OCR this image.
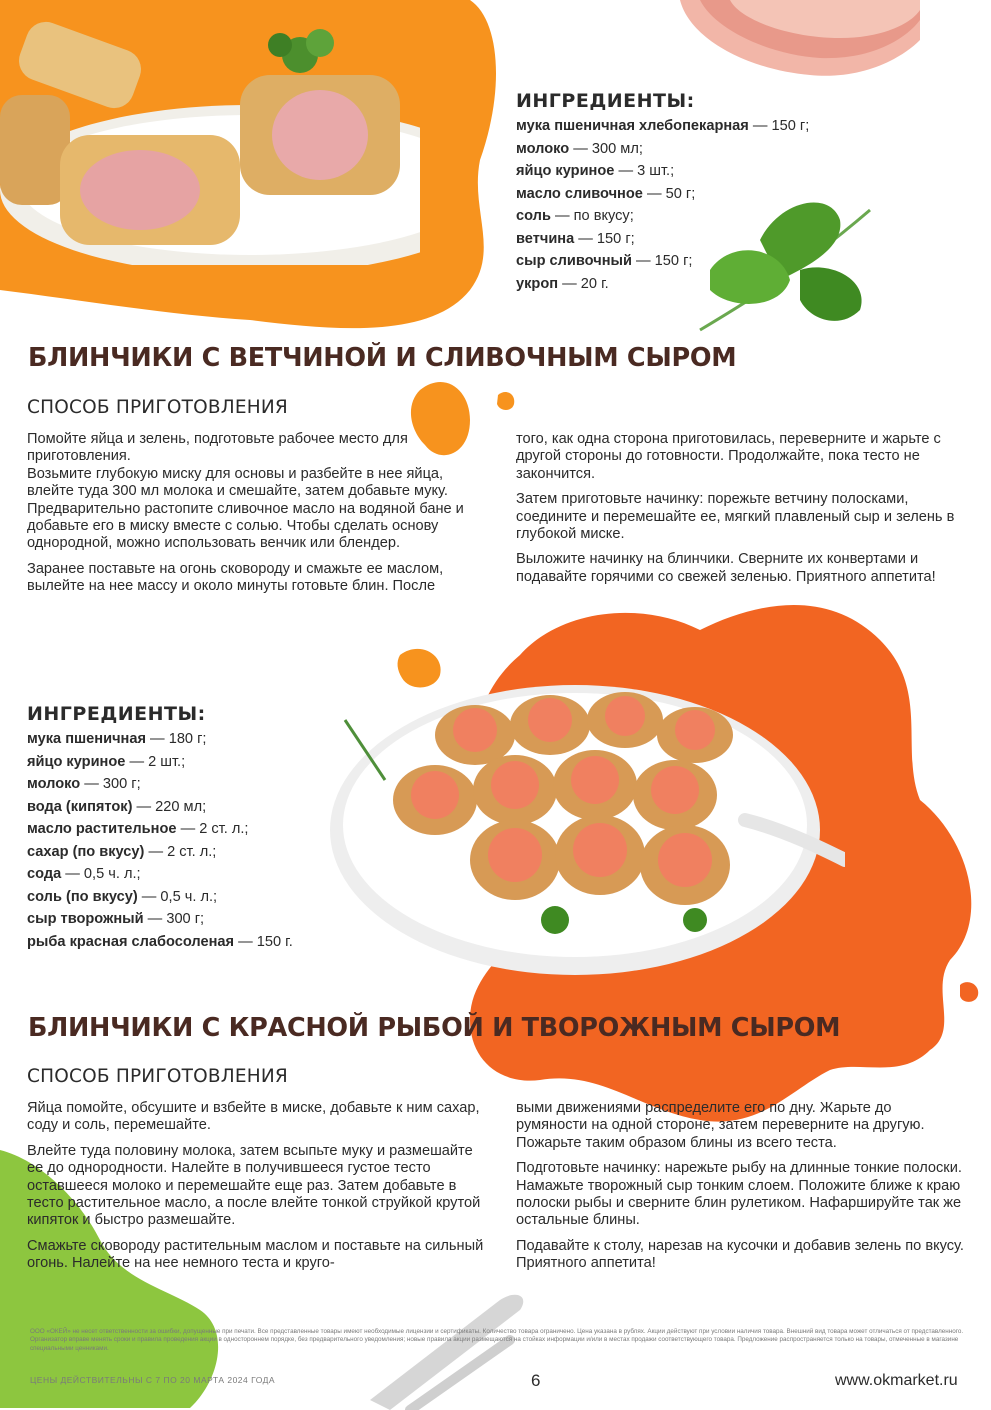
ИНГРЕДИЕНТЫ:
мука пшеничная хлебопекарная — 150 г;
молоко — 300 мл;
яйцо куриное — 3 шт.;
масло сливочное — 50 г;
соль — по вкусу;
ветчина — 150 г;
сыр сливочный — 150 г;
укроп — 20 г.
БЛИНЧИКИ С ВЕТЧИНОЙ И СЛИВОЧНЫМ СЫРОМ
СПОСОБ ПРИГОТОВЛЕНИЯ

Помойте яйца и зелень, подготовьте рабочее место для приготовления.
Возьмите глубокую миску для основы и разбейте в нее яйца, влейте туда 300 мл молока и смешайте, затем добавьте муку. Предварительно растопите сливочное масло на водяной бане и добавьте его в миску вместе с солью. Чтобы сделать основу однородной, можно использовать венчик или блендер.

Заранее поставьте на огонь сковороду и смажьте ее маслом, вылейте на нее массу и около минуты готовьте блин. После

того, как одна сторона приготовилась, переверните и жарьте с другой стороны до готовности. Продолжайте, пока тесто не закончится.

Затем приготовьте начинку: порежьте ветчину полосками, соедините и перемешайте ее, мягкий плавленый сыр и зелень в глубокой миске.

Выложите начинку на блинчики. Сверните их конвертами и подавайте горячими со свежей зеленью. Приятного аппетита!

ИНГРЕДИЕНТЫ:
мука пшеничная — 180 г;
яйцо куриное — 2 шт.;
молоко — 300 г;
вода (кипяток) — 220 мл;
масло растительное — 2 ст. л.;
сахар (по вкусу) — 2 ст. л.;
сода — 0,5 ч. л.;
соль (по вкусу) — 0,5 ч. л.;
сыр творожный — 300 г;
рыба красная слабосоленая — 150 г.
БЛИНЧИКИ С КРАСНОЙ РЫБОЙ И ТВОРОЖНЫМ СЫРОМ
СПОСОБ ПРИГОТОВЛЕНИЯ

Яйца помойте, обсушите и взбейте в миске, добавьте к ним сахар, соду и соль, перемешайте.

Влейте туда половину молока, затем всыпьте муку и размешайте ее до однородности. Налейте в получившееся густое тесто оставшееся молоко и перемешайте еще раз. Затем добавьте в тесто растительное масло, а после влейте тонкой струйкой крутой кипяток и быстро размешайте.

Смажьте сковороду растительным маслом и поставьте на сильный огонь. Налейте на нее немного теста и круго-

выми движениями распределите его по дну. Жарьте до румяности на одной стороне, затем переверните на другую. Пожарьте таким образом блины из всего теста.

Подготовьте начинку: нарежьте рыбу на длинные тонкие полоски. Намажьте творожный сыр тонким слоем. Положите ближе к краю полоски рыбы и сверните блин рулетиком. Нафаршируйте так же остальные блины.

Подавайте к столу, нарезав на кусочки и добавив зелень по вкусу. Приятного аппетита!

ООО «ОКЕЙ» не несет ответственности за ошибки, допущенные при печати. Все представленные товары имеют необходимые лицензии и сертификаты. Количество товара ограничено. Цена указана в рублях. Акции действуют при условии наличия товара. Внешний вид товара может отличаться от представленного. Организатор вправе менять сроки и правила проведения акции в одностороннем порядке, без предварительного уведомления; новые правила акции размещаются на стойках информации и/или в местах продажи соответствующего товара. Предложение распространяется только на товары, отмеченные в магазине специальными ценниками.
ЦЕНЫ ДЕЙСТВИТЕЛЬНЫ С 7 ПО 20 МАРТА 2024 ГОДА	6	www.okmarket.ru
